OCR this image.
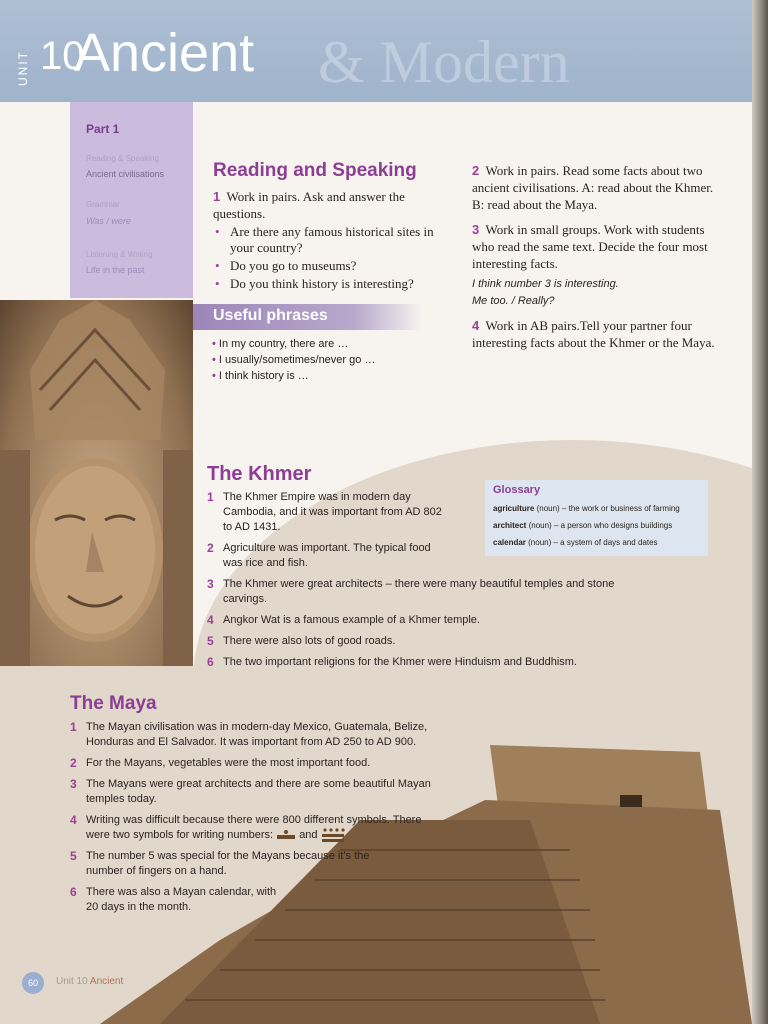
UNIT 10
Ancient & Modern
Part 1
Reading & Speaking
Ancient civilisations
Grammar
Was / were
Listening & Writing
Life in the past
Reading and Speaking
1 Work in pairs. Ask and answer the questions.
• Are there any famous historical sites in your country?
• Do you go to museums?
• Do you think history is interesting?
2 Work in pairs. Read some facts about two ancient civilisations. A: read about the Khmer. B: read about the Maya.
3 Work in small groups. Work with students who read the same text. Decide the four most interesting facts.
I think number 3 is interesting.
Me too. / Really?
4 Work in AB pairs.Tell your partner four interesting facts about the Khmer or the Maya.
Useful phrases
• In my country, there are …
• I usually/sometimes/never go …
• I think history is …
The Khmer
1 The Khmer Empire was in modern day Cambodia, and it was important from AD 802 to AD 1431.
2 Agriculture was important. The typical food was rice and fish.
3 The Khmer were great architects – there were many beautiful temples and stone carvings.
4 Angkor Wat is a famous example of a Khmer temple.
5 There were also lots of good roads.
6 The two important religions for the Khmer were Hinduism and Buddhism.
Glossary
agriculture (noun) – the work or business of farming
architect (noun) – a person who designs buildings
calendar (noun) – a system of days and dates
The Maya
1 The Mayan civilisation was in modern-day Mexico, Guatemala, Belize, Honduras and El Salvador. It was important from AD 250 to AD 900.
2 For the Mayans, vegetables were the most important food.
3 The Mayans were great architects and there are some beautiful Mayan temples today.
4 Writing was difficult because there were 800 different symbols. There were two symbols for writing numbers: and
5 The number 5 was special for the Mayans because it's the number of fingers on a hand.
6 There was also a Mayan calendar, with 20 days in the month.
60	Unit 10 Ancient
